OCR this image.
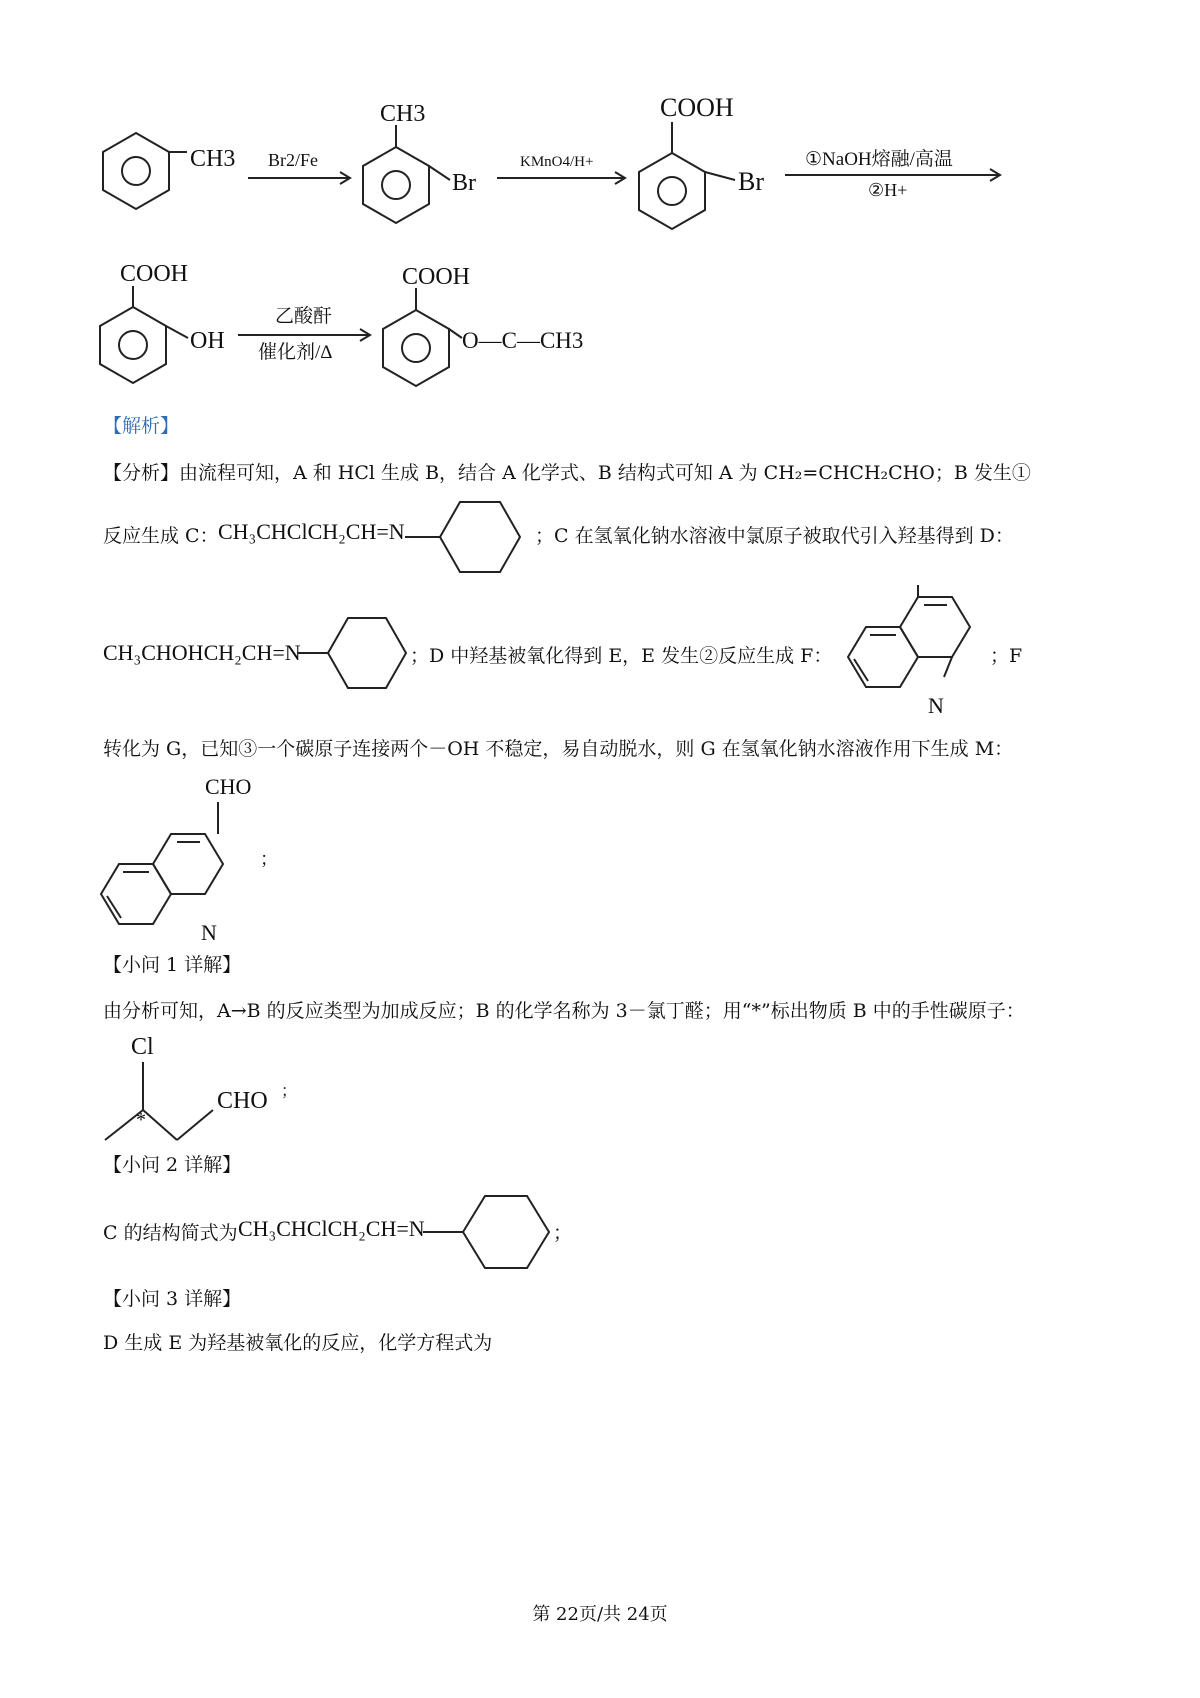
CH3 Br2/Fe
CH3
Br
KMnO4/H+
COOH
Br
①NaOH熔融/高温
②H+
COOH
OH
乙酸酐
催化剂/Δ
COOH
O—C—CH3
【解析】
【分析】由流程可知，A 和 HCl 生成 B，结合 A 化学式、B 结构式可知 A 为 CH₂=CHCH₂CHO；B 发生①
反应生成 C： CH₃CHClCH₂CH=N	；C 在氢氧化钠水溶液中氯原子被取代引入羟基得到 D：
CH₃CHOHCH₂CH=N	；D 中羟基被氧化得到 E，E 发生②反应生成 F：
N
；F
转化为 G，已知③一个碳原子连接两个－OH 不稳定，易自动脱水，则 G 在氢氧化钠水溶液作用下生成 M：
CHO
N
；
【小问 1 详解】
由分析可知，A→B 的反应类型为加成反应；B 的化学名称为 3－氯丁醛；用“*”标出物质 B 中的手性碳原子：
Cl
*
CHO ；
【小问 2 详解】
C 的结构简式为 CH₃CHClCH₂CH=N	；
【小问 3 详解】
D 生成 E 为羟基被氧化的反应，化学方程式为
第 22页/共 24页
